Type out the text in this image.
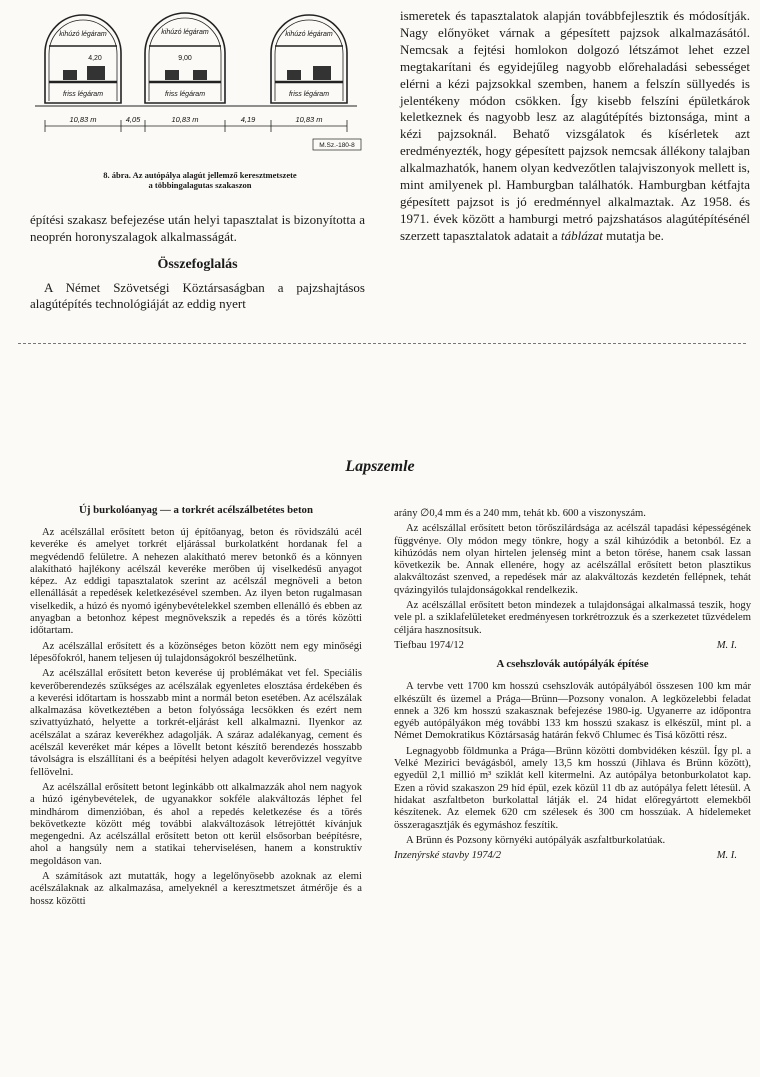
kihúzó légáram
4,20
friss légáram
kihúzó légáram
9,00
friss légáram
kihúzó légáram
friss légáram
10,83 m	4,05	10,83 m	4,19	10,83 m
M.Sz.-180-8
8. ábra. Az autópálya alagút jellemző keresztmetszete
a többingalagutas szakaszon

építési szakasz befejezése után helyi tapasztalat is bizonyította a neoprén horonyszalagok alkalmasságát.

Összefoglalás

A Német Szövetségi Köztársaságban a pajzshajtásos alagútépítés technológiáját az eddig nyert

ismeretek és tapasztalatok alapján továbbfejlesztik és módosítják. Nagy előnyöket várnak a gépesített pajzsok alkalmazásától. Nemcsak a fejtési homlokon dolgozó létszámot lehet ezzel megtakarítani és egyidejűleg nagyobb előrehaladási sebességet elérni a kézi pajzsokkal szemben, hanem a felszín süllyedés is jelentékeny módon csökken. Így kisebb felszíni épületkárok keletkeznek és nagyobb lesz az alagútépítés biztonsága, mint a kézi pajzsoknál. Behatő vizsgálatok és kísérletek azt eredményezték, hogy gépesített pajzsok nemcsak állékony talajban alkalmazhatók, hanem olyan kedvezőtlen talajviszonyok mellett is, mint amilyenek pl. Hamburgban találhatók. Hamburgban kétfajta gépesített pajzsot is jó eredménnyel alkalmaztak. Az 1958. és 1971. évek között a hamburgi metró pajzshatásos alagútépítésénél szerzett tapasztalatok adatait a táblázat mutatja be.

Lapszemle

Új burkolóanyag — a torkrét acélszálbetétes beton

Az acélszállal erősített beton új építőanyag, beton és rövidszálú acél keveréke és amelyet torkrét eljárással burkolatként hordanak fel a megvédendő felületre. A nehezen alakítható merev betonkő és a könnyen alakítható hajlékony acélszál keveréke merőben új viselkedésű anyagot képez. Az eddigi tapasztalatok szerint az acélszál megnöveli a beton ellenállását a repedések keletkezésével szemben. Az ilyen beton rugalmasan viselkedik, a húzó és nyomó igénybevételekkel szemben ellenálló és ebben az anyagban a betonhoz képest megnövekszik a repedés és a törés közötti időtartam.

Az acélszállal erősített és a közönséges beton között nem egy minőségi lépesőfokról, hanem teljesen új tulajdonságokról beszélhetünk.

Az acélszállal erősített beton keverése új problémákat vet fel. Speciális keverőberendezés szükséges az acélszálak egyenletes elosztása érdekében és a keverési időtartam is hosszabb mint a normál beton esetében. Az acélszálak alkalmazása következtében a beton folyóssága lecsökken és ezért nem szivattyúzható, helyette a torkrét-eljárást kell alkalmazni. Ilyenkor az acélszálat a száraz keverékhez adagolják. A száraz adalékanyag, cement és acélszál keveréket már képes a lövellt betont készítő berendezés hosszabb távolságra is elszállítani és a beépítési helyen adagolt keverővizzel vegyítve fellövelni.

Az acélszállal erősített betont leginkább ott alkalmazzák ahol nem nagyok a húzó igénybevételek, de ugyanakkor sokféle alakváltozás léphet fel mindhárom dimenzióban, és ahol a repedés keletkezése és a törés bekövetkezte között még további alakváltozások létrejöttét kívánjuk megengedni. Az acélszállal erősített beton ott kerül elsősorban beépítésre, ahol a hangsúly nem a statikai teherviselésen, hanem a konstruktív megoldáson van.

A számítások azt mutatták, hogy a legelőnyösebb azoknak az elemi acélszálaknak az alkalmazása, amelyeknél a keresztmetszet átmérője és a hossz közötti

arány ∅0,4 mm és a 240 mm, tehát kb. 600 a viszonyszám.

Az acélszállal erősített beton törőszilárdsága az acélszál tapadási képességének függvénye. Oly módon megy tönkre, hogy a szál kihúzódik a betonból. Ez a kihúzódás nem olyan hirtelen jelenség mint a beton törése, hanem csak lassan következik be. Annak ellenére, hogy az acélszállal erősített beton plasztikus alakváltozást szenved, a repedések már az alakváltozás kezdetén fellépnek, tehát qvázingyilós tulajdonságokkal rendelkezik.

Az acélszállal erősített beton mindezek a tulajdonságai alkalmassá teszik, hogy vele pl. a sziklafelületeket eredményesen torkrétrozzuk és a szerkezetet tűzvédelem céljára hasznosítsuk.

Tiefbau 1974/12	M. I.

A csehszlovák autópályák építése

A tervbe vett 1700 km hosszú csehszlovák autópályából összesen 100 km már elkészült és üzemel a Prága—Brünn—Pozsony vonalon. A legközelebbi feladat ennek a 326 km hosszú szakasznak befejezése 1980-ig. Ugyanerre az időpontra egyéb autópályákon még további 133 km hosszú szakasz is elkészül, mint pl. a Német Demokratikus Köztársaság határán fekvő Chlumec és Tisá közötti rész.

Legnagyobb földmunka a Prága—Brünn közötti dombvidéken készül. Így pl. a Velké Mezirici bevágásból, amely 13,5 km hosszú (Jihlava és Brünn között), egyedül 2,1 millió m³ sziklát kell kitermelni. Az autópálya betonburkolatot kap. Ezen a rövid szakaszon 29 híd épül, ezek közül 11 db az autópálya felett létesül. A hidakat aszfaltbeton burkolattal látják el. 24 hidat előregyártott elemekből készítenek. Az elemek 620 cm szélesek és 300 cm hosszúak. A hídelemeket összeragasztják és egymáshoz feszítik.

A Brünn és Pozsony környéki autópályák aszfaltburkolatúak.

Inzenýrské stavby 1974/2	M. I.
